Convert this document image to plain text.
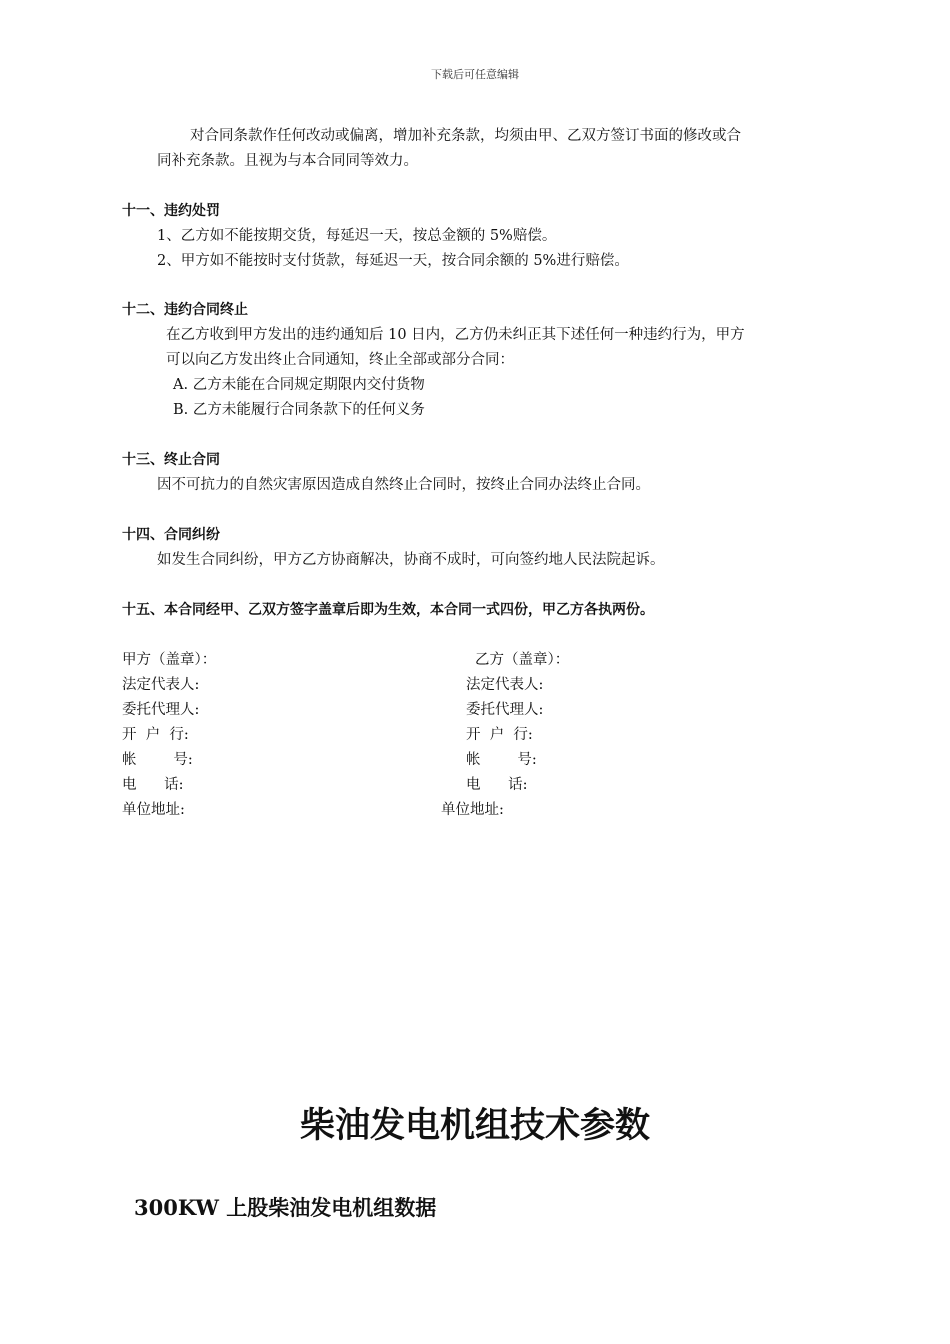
下载后可任意编辑
对合同条款作任何改动或偏离，增加补充条款，均须由甲、乙双方签订书面的修改或合
同补充条款。且视为与本合同同等效力。
十一、违约处罚
1、乙方如不能按期交货，每延迟一天，按总金额的 5%赔偿。
2、甲方如不能按时支付货款，每延迟一天，按合同余额的 5%进行赔偿。
十二、违约合同终止
在乙方收到甲方发出的违约通知后 10 日内，乙方仍未纠正其下述任何一种违约行为，甲方
可以向乙方发出终止合同通知，终止全部或部分合同：
A. 乙方未能在合同规定期限内交付货物
B. 乙方未能履行合同条款下的任何义务
十三、终止合同
因不可抗力的自然灾害原因造成自然终止合同时，按终止合同办法终止合同。
十四、合同纠纷
如发生合同纠纷，甲方乙方协商解决，协商不成时，可向签约地人民法院起诉。
十五、本合同经甲、乙双方签字盖章后即为生效，本合同一式四份，甲乙方各执两份。
甲方（盖章）：
法定代表人:
委托代理人:
开  户  行:
帐        号:
电      话:
单位地址:
乙方（盖章）：
法定代表人:
委托代理人:
开  户  行:
帐        号:
电      话:
单位地址:
柴油发电机组技术参数
300KW 上股柴油发电机组数据
